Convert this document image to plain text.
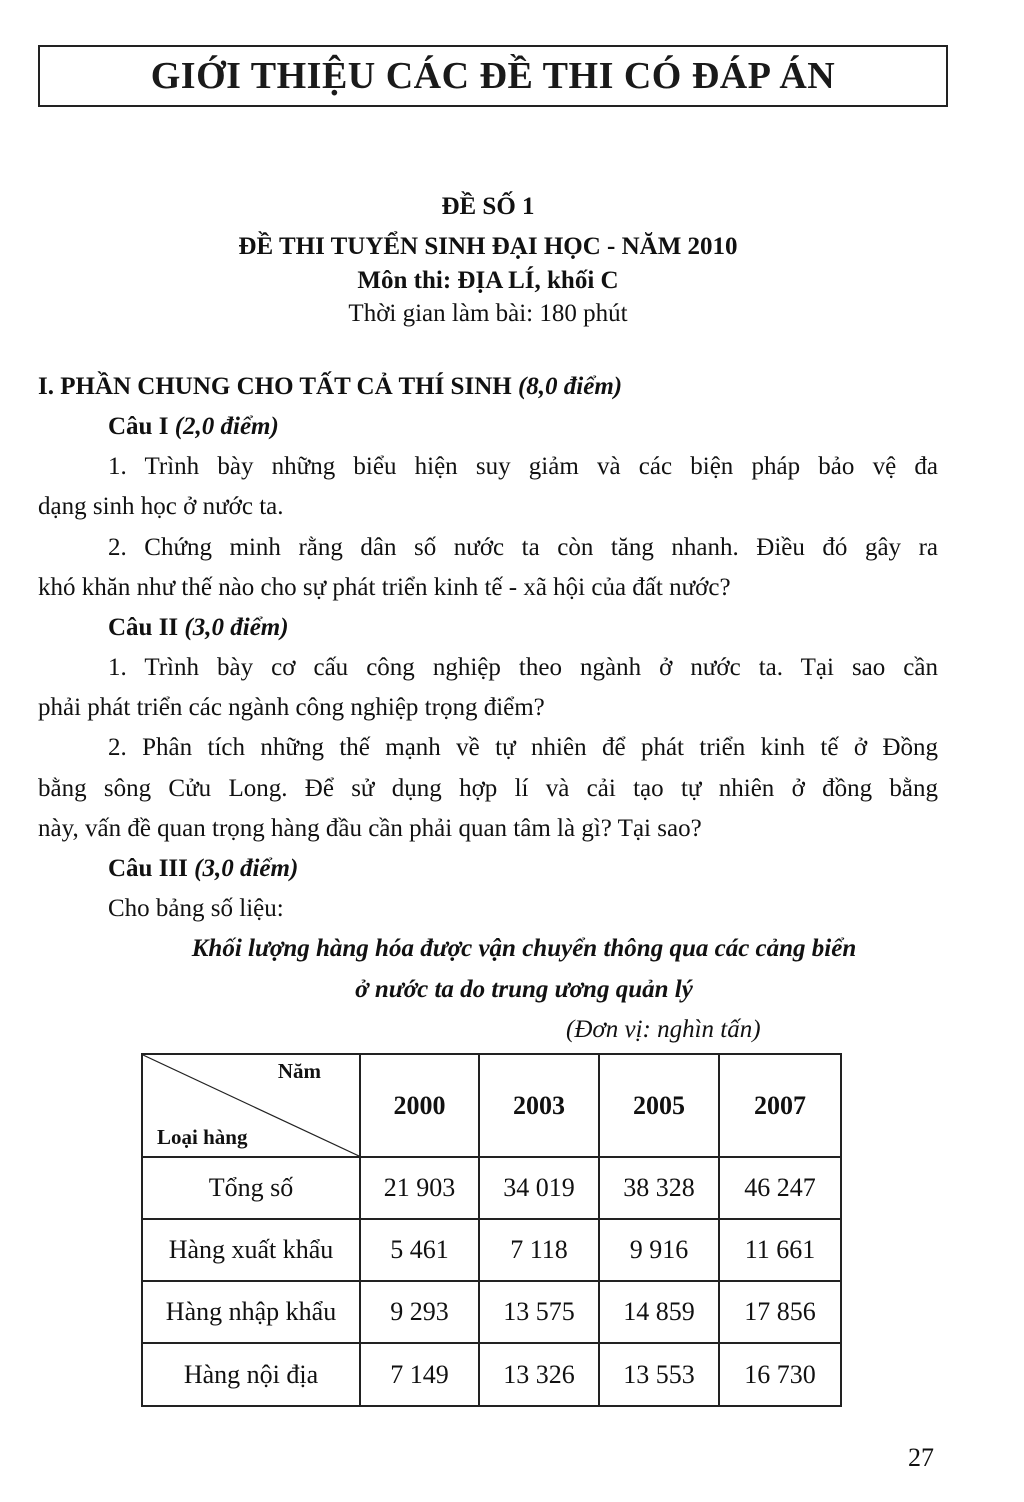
GIỚI THIỆU CÁC ĐỀ THI CÓ ĐÁP ÁN
ĐỀ SỐ 1
ĐỀ THI TUYỂN SINH ĐẠI HỌC - NĂM 2010
Môn thi: ĐỊA LÍ, khối C
Thời gian làm bài: 180 phút
I. PHẦN CHUNG CHO TẤT CẢ THÍ SINH (8,0 điểm)
Câu I (2,0 điểm)
1. Trình bày những biểu hiện suy giảm và các biện pháp bảo vệ đa
dạng sinh học ở nước ta.
2. Chứng minh rằng dân số nước ta còn tăng nhanh. Điều đó gây ra
khó khăn như thế nào cho sự phát triển kinh tế - xã hội của đất nước?
Câu II (3,0 điểm)
1. Trình bày cơ cấu công nghiệp theo ngành ở nước ta. Tại sao cần
phải phát triển các ngành công nghiệp trọng điểm?
2. Phân tích những thế mạnh về tự nhiên để phát triển kinh tế ở Đồng
bằng sông Cửu Long. Để sử dụng hợp lí và cải tạo tự nhiên ở đồng bằng
này, vấn đề quan trọng hàng đầu cần phải quan tâm là gì? Tại sao?
Câu III (3,0 điểm)
Cho bảng số liệu:
Khối lượng hàng hóa được vận chuyển thông qua các cảng biển
ở nước ta do trung ương quản lý
(Đơn vị: nghìn tấn)
Năm
Loại hàng	2000	2003	2005	2007
Tổng số	21 903	34 019	38 328	46 247
Hàng xuất khẩu	5 461	7 118	9 916	11 661
Hàng nhập khẩu	9 293	13 575	14 859	17 856
Hàng nội địa	7 149	13 326	13 553	16 730
27
